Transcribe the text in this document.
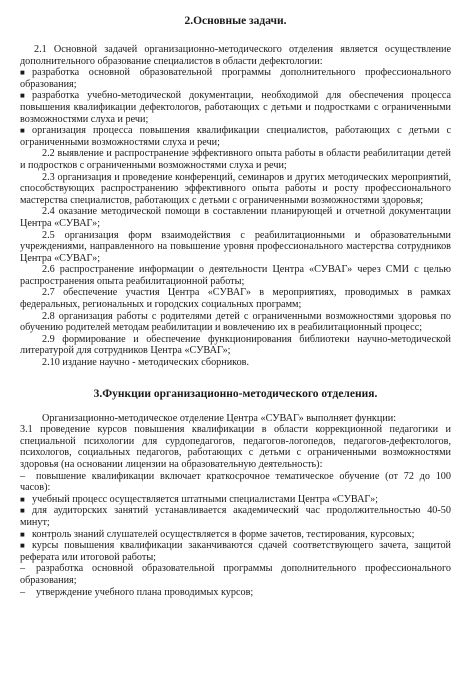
2.Основные задачи.

2.1 Основной задачей организационно-методического отделения является осуществление дополнительного образование специалистов в области дефектологии:

■ разработка основной образовательной программы дополнительного профессионального образования;

■ разработка учебно-методической документации, необходимой для обеспечения процесса повышения квалификации дефектологов, работающих с детьми и подростками с ограниченными возможностями слуха и речи;

■ организация процесса повышения квалификации специалистов, работающих с детьми с ограниченными возможностями слуха и речи;

2.2 выявление и распространение эффективного опыта работы в области реабилитации детей и подростков с ограниченными возможностями слуха и речи;

2.3 организация и проведение конференций, семинаров и других методических мероприятий, способствующих распространению эффективного опыта работы и росту профессионального мастерства специалистов, работающих с детьми с ограниченными возможностями здоровья;

2.4 оказание методической помощи в составлении планирующей и отчетной документации Центра «СУВАГ»;

2.5 организация форм взаимодействия с реабилитационными и образовательными учреждениями, направленного на повышение уровня профессионального мастерства сотрудников Центра «СУВАГ»;

2.6 распространение информации о деятельности Центра «СУВАГ» через СМИ с целью распространения опыта реабилитационной работы;

2.7 обеспечение участия Центра «СУВАГ» в мероприятиях, проводимых в рамках федеральных, региональных и городских социальных программ;

2.8 организация работы с родителями детей с ограниченными возможностями здоровья по обучению родителей методам реабилитации и вовлечению их в реабилитационный процесс;

2.9 формирование и обеспечение функционирования библиотеки научно-методической литературой для сотрудников Центра «СУВАГ»;

2.10 издание научно - методических сборников.

3.Функции организационно-методического отделения.

Организационно-методическое отделение Центра «СУВАГ» выполняет функции:

3.1 проведение курсов повышения квалификации в области коррекционной педагогики и специальной психологии для сурдопедагогов, педагогов-логопедов, педагогов-дефектологов, психологов, социальных педагогов, работающих с детьми с ограниченными возможностями здоровья (на основании лицензии на образовательную деятельность):

– повышение квалификации включает краткосрочное тематическое обучение (от 72 до 100 часов):

■ учебный процесс осуществляется штатными специалистами Центра «СУВАГ»;

■ для аудиторских занятий устанавливается академический час продолжительностью 40-50 минут;

■ контроль знаний слушателей осуществляется в форме зачетов, тестирования, курсовых;

■ курсы повышения квалификации заканчиваются сдачей соответствующего зачета, защитой реферата или итоговой работы;

– разработка основной образовательной программы дополнительного профессионального образования;

– утверждение учебного плана проводимых курсов;
